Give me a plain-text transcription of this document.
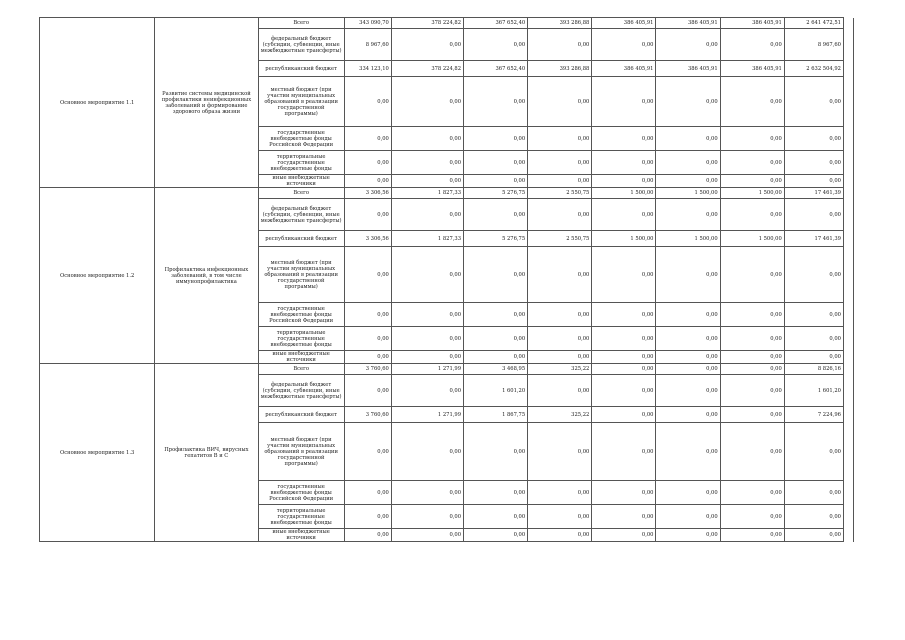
Основное мероприятие 1.1	Развитие системы медицинской профилактики неинфекционных заболеваний и формирование здорового образа жизни	Всего	343 090,70	378 224,82	367 652,40	393 286,88	386 405,91	386 405,91	386 405,91	2 641 472,51	
		федеральный бюджет (субсидии, субвенции, иные межбюджетные трансферты)	8 967,60	0,00	0,00	0,00	0,00	0,00	0,00	8 967,60	
		республиканский бюджет	334 123,10	378 224,82	367 652,40	393 286,88	386 405,91	386 405,91	386 405,91	2 632 504,92	
		местный бюджет (при участии муниципальных образований в реализации государственной программы)	0,00	0,00	0,00	0,00	0,00	0,00	0,00	0,00	
		государственные внебюджетные фонды Российской Федерации	0,00	0,00	0,00	0,00	0,00	0,00	0,00	0,00	
		территориальные государственные внебюджетные фонды	0,00	0,00	0,00	0,00	0,00	0,00	0,00	0,00	
		иные внебюджетные источники	0,00	0,00	0,00	0,00	0,00	0,00	0,00	0,00	
Основное мероприятие 1.2	Профилактика инфекционных заболеваний, в том числе иммунопрофилактика	Всего	3 306,56	1 827,33	5 276,75	2 550,75	1 500,00	1 500,00	1 500,00	17 461,39	
		федеральный бюджет (субсидии, субвенции, иные межбюджетные трансферты)	0,00	0,00	0,00	0,00	0,00	0,00	0,00	0,00	
		республиканский бюджет	3 306,56	1 827,33	5 276,75	2 550,75	1 500,00	1 500,00	1 500,00	17 461,39	
		местный бюджет (при участии муниципальных образований в реализации государственной программы)	0,00	0,00	0,00	0,00	0,00	0,00	0,00	0,00	
		государственные внебюджетные фонды Российской Федерации	0,00	0,00	0,00	0,00	0,00	0,00	0,00	0,00	
		территориальные государственные внебюджетные фонды	0,00	0,00	0,00	0,00	0,00	0,00	0,00	0,00	
		иные внебюджетные источники	0,00	0,00	0,00	0,00	0,00	0,00	0,00	0,00	
Основное мероприятие 1.3	Профилактика ВИЧ, вирусных гепатитов В и С	Всего	3 760,60	1 271,99	3 468,95	325,22	0,00	0,00	0,00	8 826,16	
		федеральный бюджет (субсидии, субвенции, иные межбюджетные трансферты)	0,00	0,00	1 601,20	0,00	0,00	0,00	0,00	1 601,20	
		республиканский бюджет	3 760,60	1 271,99	1 867,75	325,22	0,00	0,00	0,00	7 224,96	
		местный бюджет (при участии муниципальных образований в реализации государственной программы)	0,00	0,00	0,00	0,00	0,00	0,00	0,00	0,00	
		государственные внебюджетные фонды Российской Федерации	0,00	0,00	0,00	0,00	0,00	0,00	0,00	0,00	
		территориальные государственные внебюджетные фонды	0,00	0,00	0,00	0,00	0,00	0,00	0,00	0,00	
		иные внебюджетные источники	0,00	0,00	0,00	0,00	0,00	0,00	0,00	0,00	
